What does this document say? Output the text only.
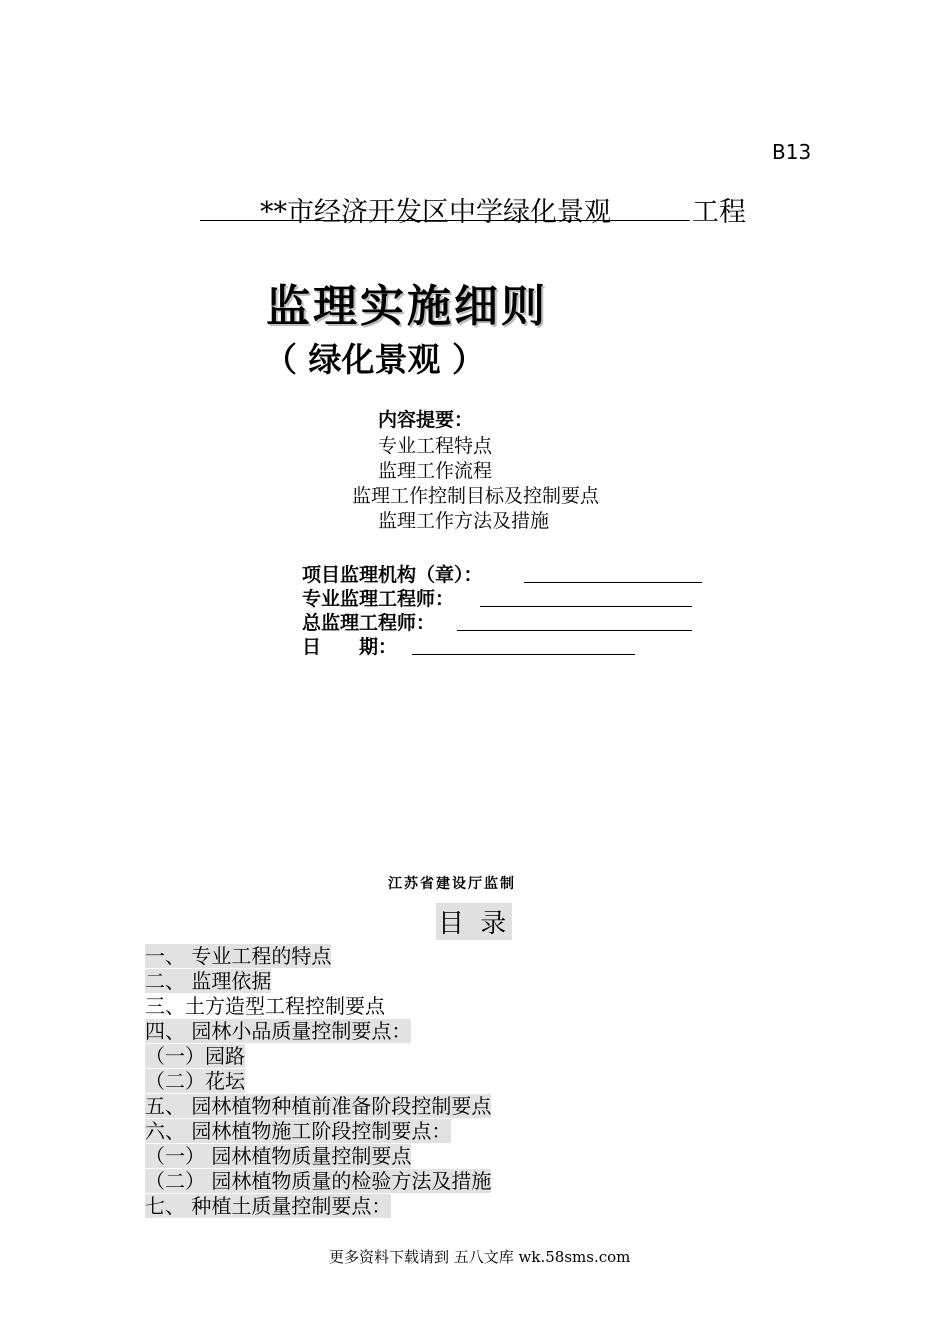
B13
**市经济开发区中学绿化景观	工程
监理实施细则
（ 绿化景观 ）
内容提要：
专业工程特点
监理工作流程
监理工作控制目标及控制要点
监理工作方法及措施
项目监理机构（章）：
专业监理工程师：
总监理工程师：
日　　期：
江苏省建设厅监制
目 录
一、 专业工程的特点
二、 监理依据
三、土方造型工程控制要点
四、 园林小品质量控制要点：
（一）园路
（二）花坛
五、 园林植物种植前准备阶段控制要点
六、 园林植物施工阶段控制要点：
（一） 园林植物质量控制要点
（二） 园林植物质量的检验方法及措施
七、 种植土质量控制要点：
更多资料下载请到 五八文库 wk.58sms.com
